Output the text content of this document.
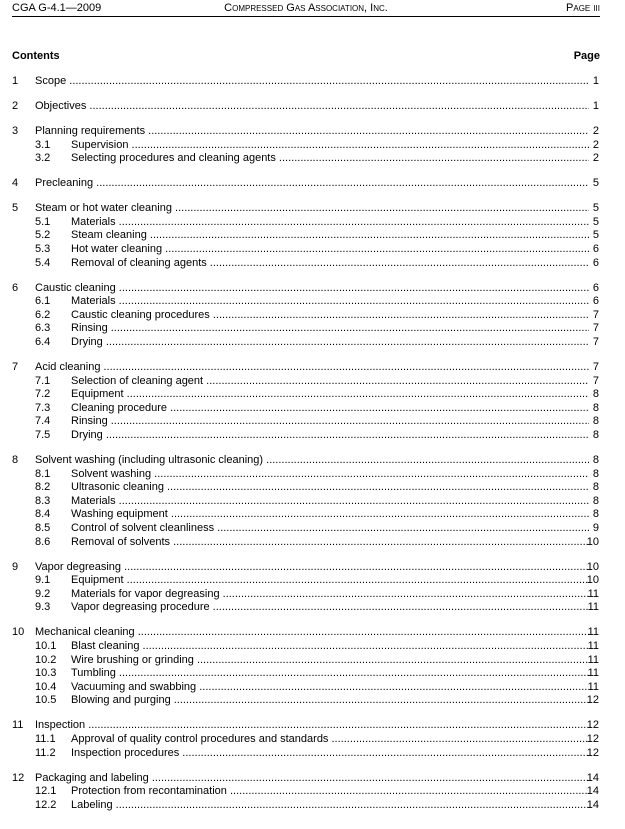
CGA G-4.1—2009	Compressed Gas Association, Inc.	Page iii
Contents	Page
1 Scope .....	1
2 Objectives .....	1
3 Planning requirements .....	2
3.1 Supervision .....	2
3.2 Selecting procedures and cleaning agents .....	2
4 Precleaning .....	5
5 Steam or hot water cleaning .....	5
5.1 Materials .....	5
5.2 Steam cleaning .....	5
5.3 Hot water cleaning .....	6
5.4 Removal of cleaning agents .....	6
6 Caustic cleaning .....	6
6.1 Materials .....	6
6.2 Caustic cleaning procedures .....	7
6.3 Rinsing .....	7
6.4 Drying .....	7
7 Acid cleaning .....	7
7.1 Selection of cleaning agent .....	7
7.2 Equipment .....	8
7.3 Cleaning procedure .....	8
7.4 Rinsing .....	8
7.5 Drying .....	8
8 Solvent washing (including ultrasonic cleaning) .....	8
8.1 Solvent washing .....	8
8.2 Ultrasonic cleaning .....	8
8.3 Materials .....	8
8.4 Washing equipment .....	8
8.5 Control of solvent cleanliness .....	9
8.6 Removal of solvents .....	10
9 Vapor degreasing .....	10
9.1 Equipment .....	10
9.2 Materials for vapor degreasing .....	11
9.3 Vapor degreasing procedure .....	11
10 Mechanical cleaning .....	11
10.1 Blast cleaning .....	11
10.2 Wire brushing or grinding .....	11
10.3 Tumbling .....	11
10.4 Vacuuming and swabbing .....	11
10.5 Blowing and purging .....	12
11 Inspection .....	12
11.1 Approval of quality control procedures and standards .....	12
11.2 Inspection procedures .....	12
12 Packaging and labeling .....	14
12.1 Protection from recontamination .....	14
12.2 Labeling .....	14
